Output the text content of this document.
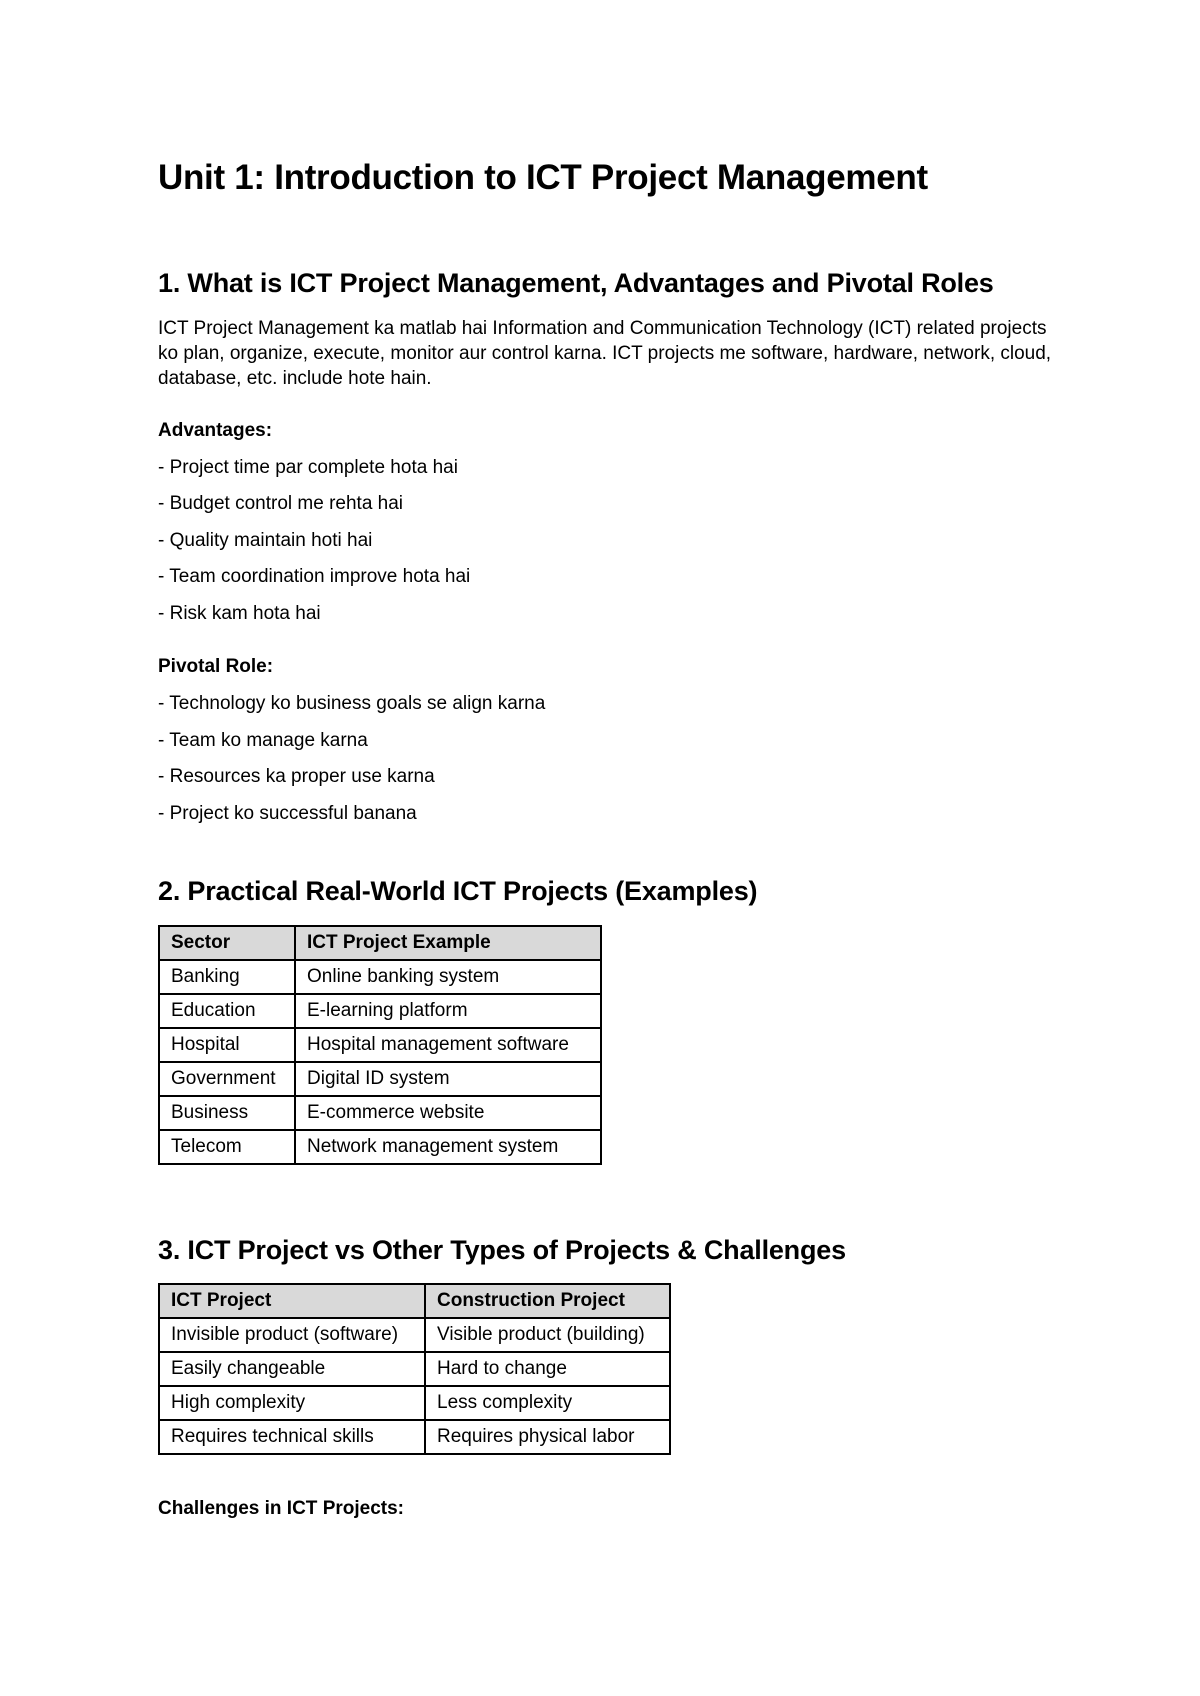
Unit 1: Introduction to ICT Project Management
1. What is ICT Project Management, Advantages and Pivotal Roles

ICT Project Management ka matlab hai Information and Communication Technology (ICT) related projects ko plan, organize, execute, monitor aur control karna. ICT projects me software, hardware, network, cloud, database, etc. include hote hain.

Advantages:

- Project time par complete hota hai

- Budget control me rehta hai

- Quality maintain hoti hai

- Team coordination improve hota hai

- Risk kam hota hai

Pivotal Role:

- Technology ko business goals se align karna

- Team ko manage karna

- Resources ka proper use karna

- Project ko successful banana

2. Practical Real-World ICT Projects (Examples)
Sector	ICT Project Example
Banking	Online banking system
Education	E-learning platform
Hospital	Hospital management software
Government	Digital ID system
Business	E-commerce website
Telecom	Network management system
3. ICT Project vs Other Types of Projects & Challenges
ICT Project	Construction Project
Invisible product (software)	Visible product (building)
Easily changeable	Hard to change
High complexity	Less complexity
Requires technical skills	Requires physical labor

Challenges in ICT Projects:
